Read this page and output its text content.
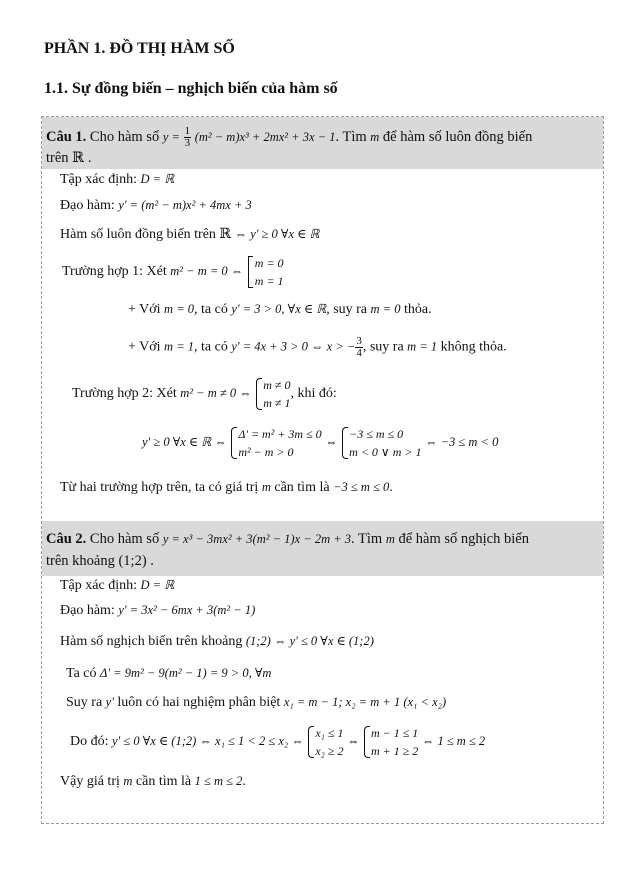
PHẦN 1. ĐỒ THỊ HÀM SỐ
1.1. Sự đồng biến – nghịch biến của hàm số
Câu 1. Cho hàm số $y = \frac{1}{3} (m^2 - m)x^3 + 2mx^2 + 3x - 1$. Tìm m để hàm số luôn đồng biến
trên ℝ .
Tập xác định: D = ℝ
Đạo hàm: y' = (m² − m)x² + 4mx + 3
Hàm số luôn đồng biến trên ℝ ⇔ y' ≥ 0 ∀x ∈ ℝ
Trường hợp 1: Xét m² − m = 0 ⇔
m = 0
m = 1
+ Với m = 0, ta có y' = 3 > 0, ∀x ∈ ℝ, suy ra m = 0 thỏa.
+ Với m = 1, ta có y' = 4x + 3 > 0 ⇔ x > − $\frac{3}{4}$ , suy ra m = 1 không thỏa.
Trường hợp 2: Xét m² − m ≠ 0 ⇔
m ≠ 0
m ≠ 1
, khi đó:
y' ≥ 0 ∀x ∈ ℝ ⇔
Δ' = m² + 3m ≤ 0
m² − m > 0
⇔
−3 ≤ m ≤ 0
m < 0 ∨ m > 1
⇔ −3 ≤ m < 0
Từ hai trường hợp trên, ta có giá trị m cần tìm là −3 ≤ m ≤ 0.
Câu 2. Cho hàm số y = x³ − 3mx² + 3(m² − 1)x − 2m + 3. Tìm m để hàm số nghịch biến
trên khoảng (1;2) .
Tập xác định: D = ℝ
Đạo hàm: y' = 3x² − 6mx + 3(m² − 1)
Hàm số nghịch biến trên khoảng (1;2) ⇔ y' ≤ 0 ∀x ∈ (1;2)
Ta có Δ' = 9m² − 9(m² − 1) = 9 > 0, ∀m
Suy ra y' luôn có hai nghiệm phân biệt x₁ = m − 1; x₂ = m + 1 (x₁ < x₂)
Do đó: y' ≤ 0 ∀x ∈ (1;2) ⇔ x₁ ≤ 1 < 2 ≤ x₂ ⇔
x₁ ≤ 1
x₂ ≥ 2
⇔
m − 1 ≤ 1
m + 1 ≥ 2
⇔ 1 ≤ m ≤ 2
Vậy giá trị m cần tìm là 1 ≤ m ≤ 2.
